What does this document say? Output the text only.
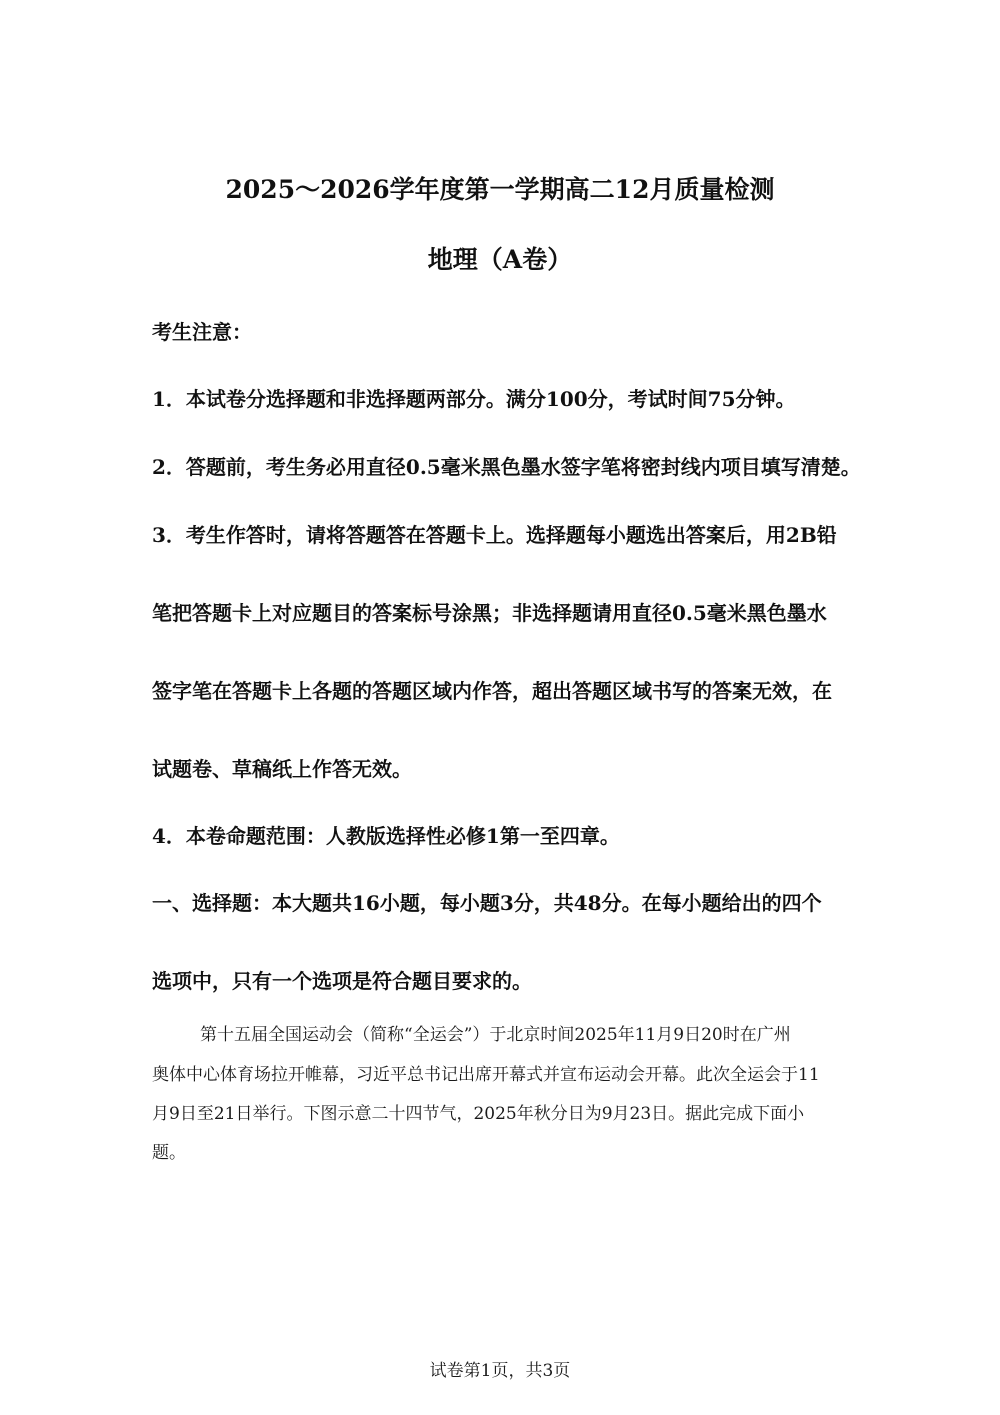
2025～2026学年度第一学期高二12月质量检测
地理（A卷）
考生注意：
1．本试卷分选择题和非选择题两部分。满分100分，考试时间75分钟。
2．答题前，考生务必用直径0.5毫米黑色墨水签字笔将密封线内项目填写清楚。
3．考生作答时，请将答题答在答题卡上。选择题每小题选出答案后，用2B铅
笔把答题卡上对应题目的答案标号涂黑；非选择题请用直径0.5毫米黑色墨水
签字笔在答题卡上各题的答题区域内作答，超出答题区域书写的答案无效，在
试题卷、草稿纸上作答无效。
4．本卷命题范围：人教版选择性必修1第一至四章。
一、选择题：本大题共16小题，每小题3分，共48分。在每小题给出的四个
选项中，只有一个选项是符合题目要求的。
第十五届全国运动会（简称“全运会”）于北京时间2025年11月9日20时在广州
奥体中心体育场拉开帷幕，习近平总书记出席开幕式并宣布运动会开幕。此次全运会于11
月9日至21日举行。下图示意二十四节气，2025年秋分日为9月23日。据此完成下面小
题。
试卷第1页，共3页
